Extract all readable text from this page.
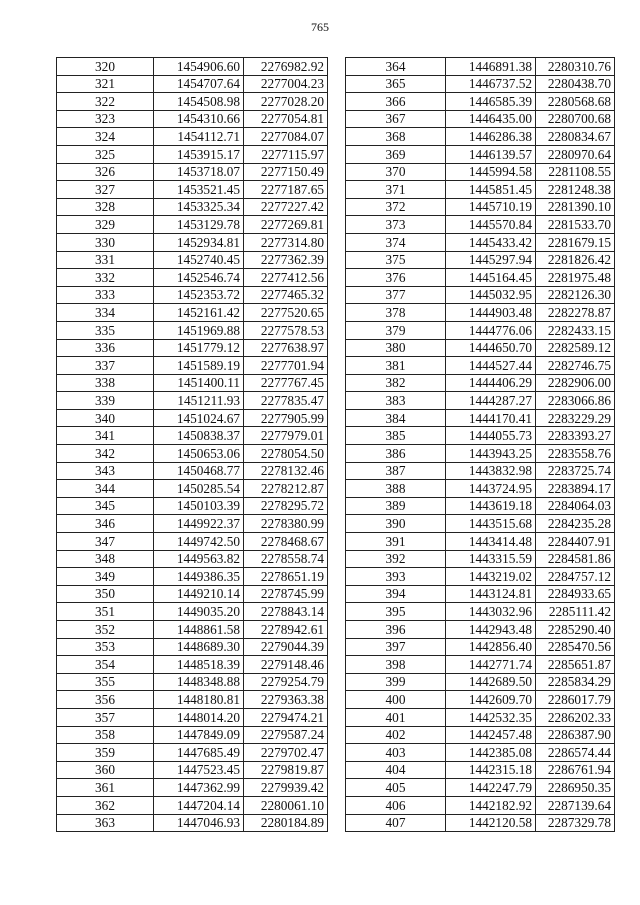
765
320	1454906.60	2276982.92
321	1454707.64	2277004.23
322	1454508.98	2277028.20
323	1454310.66	2277054.81
324	1454112.71	2277084.07
325	1453915.17	2277115.97
326	1453718.07	2277150.49
327	1453521.45	2277187.65
328	1453325.34	2277227.42
329	1453129.78	2277269.81
330	1452934.81	2277314.80
331	1452740.45	2277362.39
332	1452546.74	2277412.56
333	1452353.72	2277465.32
334	1452161.42	2277520.65
335	1451969.88	2277578.53
336	1451779.12	2277638.97
337	1451589.19	2277701.94
338	1451400.11	2277767.45
339	1451211.93	2277835.47
340	1451024.67	2277905.99
341	1450838.37	2277979.01
342	1450653.06	2278054.50
343	1450468.77	2278132.46
344	1450285.54	2278212.87
345	1450103.39	2278295.72
346	1449922.37	2278380.99
347	1449742.50	2278468.67
348	1449563.82	2278558.74
349	1449386.35	2278651.19
350	1449210.14	2278745.99
351	1449035.20	2278843.14
352	1448861.58	2278942.61
353	1448689.30	2279044.39
354	1448518.39	2279148.46
355	1448348.88	2279254.79
356	1448180.81	2279363.38
357	1448014.20	2279474.21
358	1447849.09	2279587.24
359	1447685.49	2279702.47
360	1447523.45	2279819.87
361	1447362.99	2279939.42
362	1447204.14	2280061.10
363	1447046.93	2280184.89
364	1446891.38	2280310.76
365	1446737.52	2280438.70
366	1446585.39	2280568.68
367	1446435.00	2280700.68
368	1446286.38	2280834.67
369	1446139.57	2280970.64
370	1445994.58	2281108.55
371	1445851.45	2281248.38
372	1445710.19	2281390.10
373	1445570.84	2281533.70
374	1445433.42	2281679.15
375	1445297.94	2281826.42
376	1445164.45	2281975.48
377	1445032.95	2282126.30
378	1444903.48	2282278.87
379	1444776.06	2282433.15
380	1444650.70	2282589.12
381	1444527.44	2282746.75
382	1444406.29	2282906.00
383	1444287.27	2283066.86
384	1444170.41	2283229.29
385	1444055.73	2283393.27
386	1443943.25	2283558.76
387	1443832.98	2283725.74
388	1443724.95	2283894.17
389	1443619.18	2284064.03
390	1443515.68	2284235.28
391	1443414.48	2284407.91
392	1443315.59	2284581.86
393	1443219.02	2284757.12
394	1443124.81	2284933.65
395	1443032.96	2285111.42
396	1442943.48	2285290.40
397	1442856.40	2285470.56
398	1442771.74	2285651.87
399	1442689.50	2285834.29
400	1442609.70	2286017.79
401	1442532.35	2286202.33
402	1442457.48	2286387.90
403	1442385.08	2286574.44
404	1442315.18	2286761.94
405	1442247.79	2286950.35
406	1442182.92	2287139.64
407	1442120.58	2287329.78
